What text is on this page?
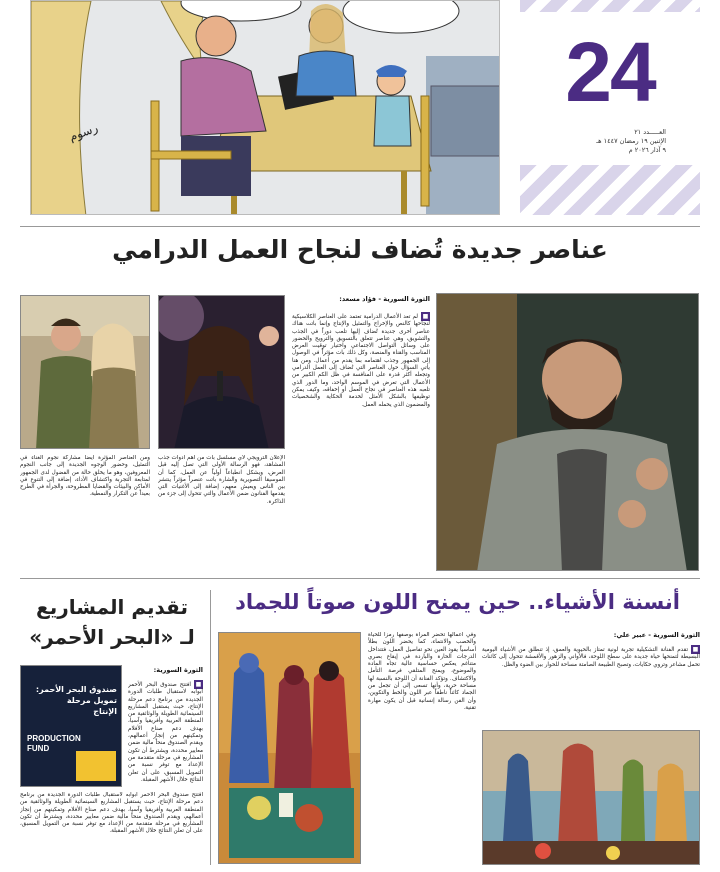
رسوم
24
العـــــدد ٢١
الإثنين ١٩ رمضان ١٤٤٧ هـ
٩ آذار ٢٠٢٦ م
عناصر جديدة تُضاف لنجاح العمل الدرامي
الثورة السورية - فؤاد مسعد:
■لم تعد الأعمال الدرامية تعتمد على العناصر الكلاسيكية لنجاحها كالنص والإخراج والتمثيل والإنتاج وإنما باتت هناك عناصر أخرى جديدة تُضاف إليها تلعب دوراً في الجذب والتشويق، وهي عناصر تتعلق بالتسويق والترويج والحضور على وسائل التواصل الاجتماعي واختيار توقيت العرض المناسب والقناة والمنصة، وكل ذلك بات مؤثراً في الوصول إلى الجمهور وجذب اهتمامه بما يقدم من أعمال. ومن هنا يأتي السؤال حول العناصر التي تُضاف إلى العمل الدرامي وتجعله أكثر قدرة على المنافسة في ظل الكم الكبير من الأعمال التي تعرض في الموسم الواحد، وما الدور الذي تلعبه هذه العناصر في نجاح العمل أو إخفاقه، وكيف يمكن توظيفها بالشكل الأمثل لخدمة الحكاية والشخصيات والمضمون الذي يحمله العمل.
الإعلان الترويجي لأي مسلسل بات من أهم أدوات جذب المشاهد، فهو الرسالة الأولى التي تصل إليه قبل العرض، ويشكل انطباعاً أولياً عن العمل، كما أن الموسيقا التصويرية والشارة باتت عنصراً مؤثراً ينتشر بين الناس ويعيش معهم، إضافة إلى الأغنيات التي يقدمها الفنانون ضمن الأعمال والتي تتحول إلى جزء من الذاكرة.
ومن العناصر المؤثرة أيضاً مشاركة نجوم الغناء في التمثيل، وحضور الوجوه الجديدة إلى جانب النجوم المعروفين، وهو ما يخلق حالة من الفضول لدى الجمهور لمتابعة التجربة واكتشاف الأداء، إضافة إلى التنوع في الأماكن والبيئات والقضايا المطروحة، والجرأة في الطرح بعيداً عن التكرار والنمطية.
أنسنة الأشياء.. حين يمنح اللون صوتاً للجماد
الثورة السورية - عبير علي:
■تقدم الفنانة التشكيلية تجربة لونية تمتاز بالحيوية والعمق، إذ تنطلق من الأشياء اليومية البسيطة لتمنحها حياة جديدة على سطح اللوحة، فالأواني والزهور والأقمشة تتحول إلى كائنات تحمل مشاعر وتروي حكايات، وتصبح الطبيعة الصامتة مساحة للحوار بين الضوء والظل.
وفي أعمالها تحضر المرأة بوصفها رمزاً للحياة والخصب والانتماء، كما يحضر اللون بطلاً أساسياً يقود العين نحو تفاصيل العمل، فتتداخل الدرجات الحارة والباردة في إيقاع بصري متناغم يعكس حساسية عالية تجاه المادة والموضوع، ويمنح المتلقي فرصة التأمل والاكتشاف. وتؤكد الفنانة أن اللوحة بالنسبة لها مساحة حرية، وأنها تسعى إلى أن تجعل من الجماد كائناً ناطقاً عبر اللون والخط والتكوين، وأن الفن رسالة إنسانية قبل أن يكون مهارة تقنية.
تقديم المشاريع
لـ «البحر الأحمر»
صندوق البحر الأحمر:
تمويل مرحلة
الإنتاج
PRODUCTION
FUND
الثورة السورية:
■افتتح صندوق البحر الأحمر أبوابه لاستقبال طلبات الدورة الجديدة من برنامج دعم مرحلة الإنتاج، حيث يستقبل المشاريع السينمائية الطويلة والوثائقية من المنطقة العربية وأفريقيا وآسيا، بهدف دعم صناع الأفلام وتمكينهم من إنجاز أعمالهم، ويقدم الصندوق منحاً مالية ضمن معايير محددة، ويشترط أن تكون المشاريع في مرحلة متقدمة من الإعداد مع توفر نسبة من التمويل المسبق، على أن تعلن النتائج خلال الأشهر المقبلة.
افتتح صندوق البحر الأحمر أبوابه لاستقبال طلبات الدورة الجديدة من برنامج دعم مرحلة الإنتاج، حيث يستقبل المشاريع السينمائية الطويلة والوثائقية من المنطقة العربية وأفريقيا وآسيا، بهدف دعم صناع الأفلام وتمكينهم من إنجاز أعمالهم، ويقدم الصندوق منحاً مالية ضمن معايير محددة، ويشترط أن تكون المشاريع في مرحلة متقدمة من الإعداد مع توفر نسبة من التمويل المسبق، على أن تعلن النتائج خلال الأشهر المقبلة.
